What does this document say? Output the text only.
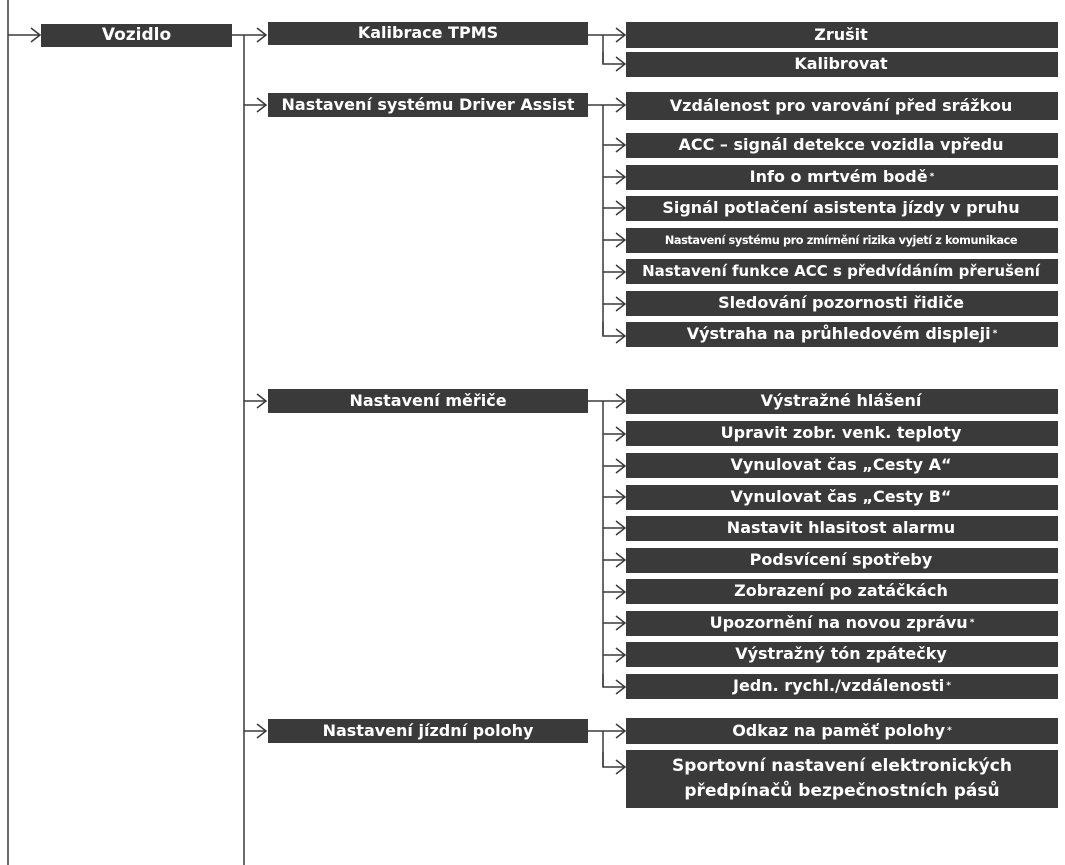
Vozidlo	Kalibrace TPMS
Nastavení systému Driver Assist
Nastavení měřiče
Nastavení jízdní polohy
Zrušit
Kalibrovat
Vzdálenost pro varování před srážkou
ACC – signál detekce vozidla vpředu
Info o mrtvém bodě *
Signál potlačení asistenta jízdy v pruhu
Nastavení systému pro zmírnění rizika vyjetí z komunikace
Nastavení funkce ACC s předvídáním přerušení
Sledování pozornosti řidiče
Výstraha na průhledovém displeji *
Výstražné hlášení
Upravit zobr. venk. teploty
Vynulovat čas „Cesty A“
Vynulovat čas „Cesty B“
Nastavit hlasitost alarmu
Podsvícení spotřeby
Zobrazení po zatáčkách
Upozornění na novou zprávu *
Výstražný tón zpátečky
Jedn. rychl./vzdálenosti *
Odkaz na paměť polohy *
Sportovní nastavení elektronických předpínačů bezpečnostních pásů
